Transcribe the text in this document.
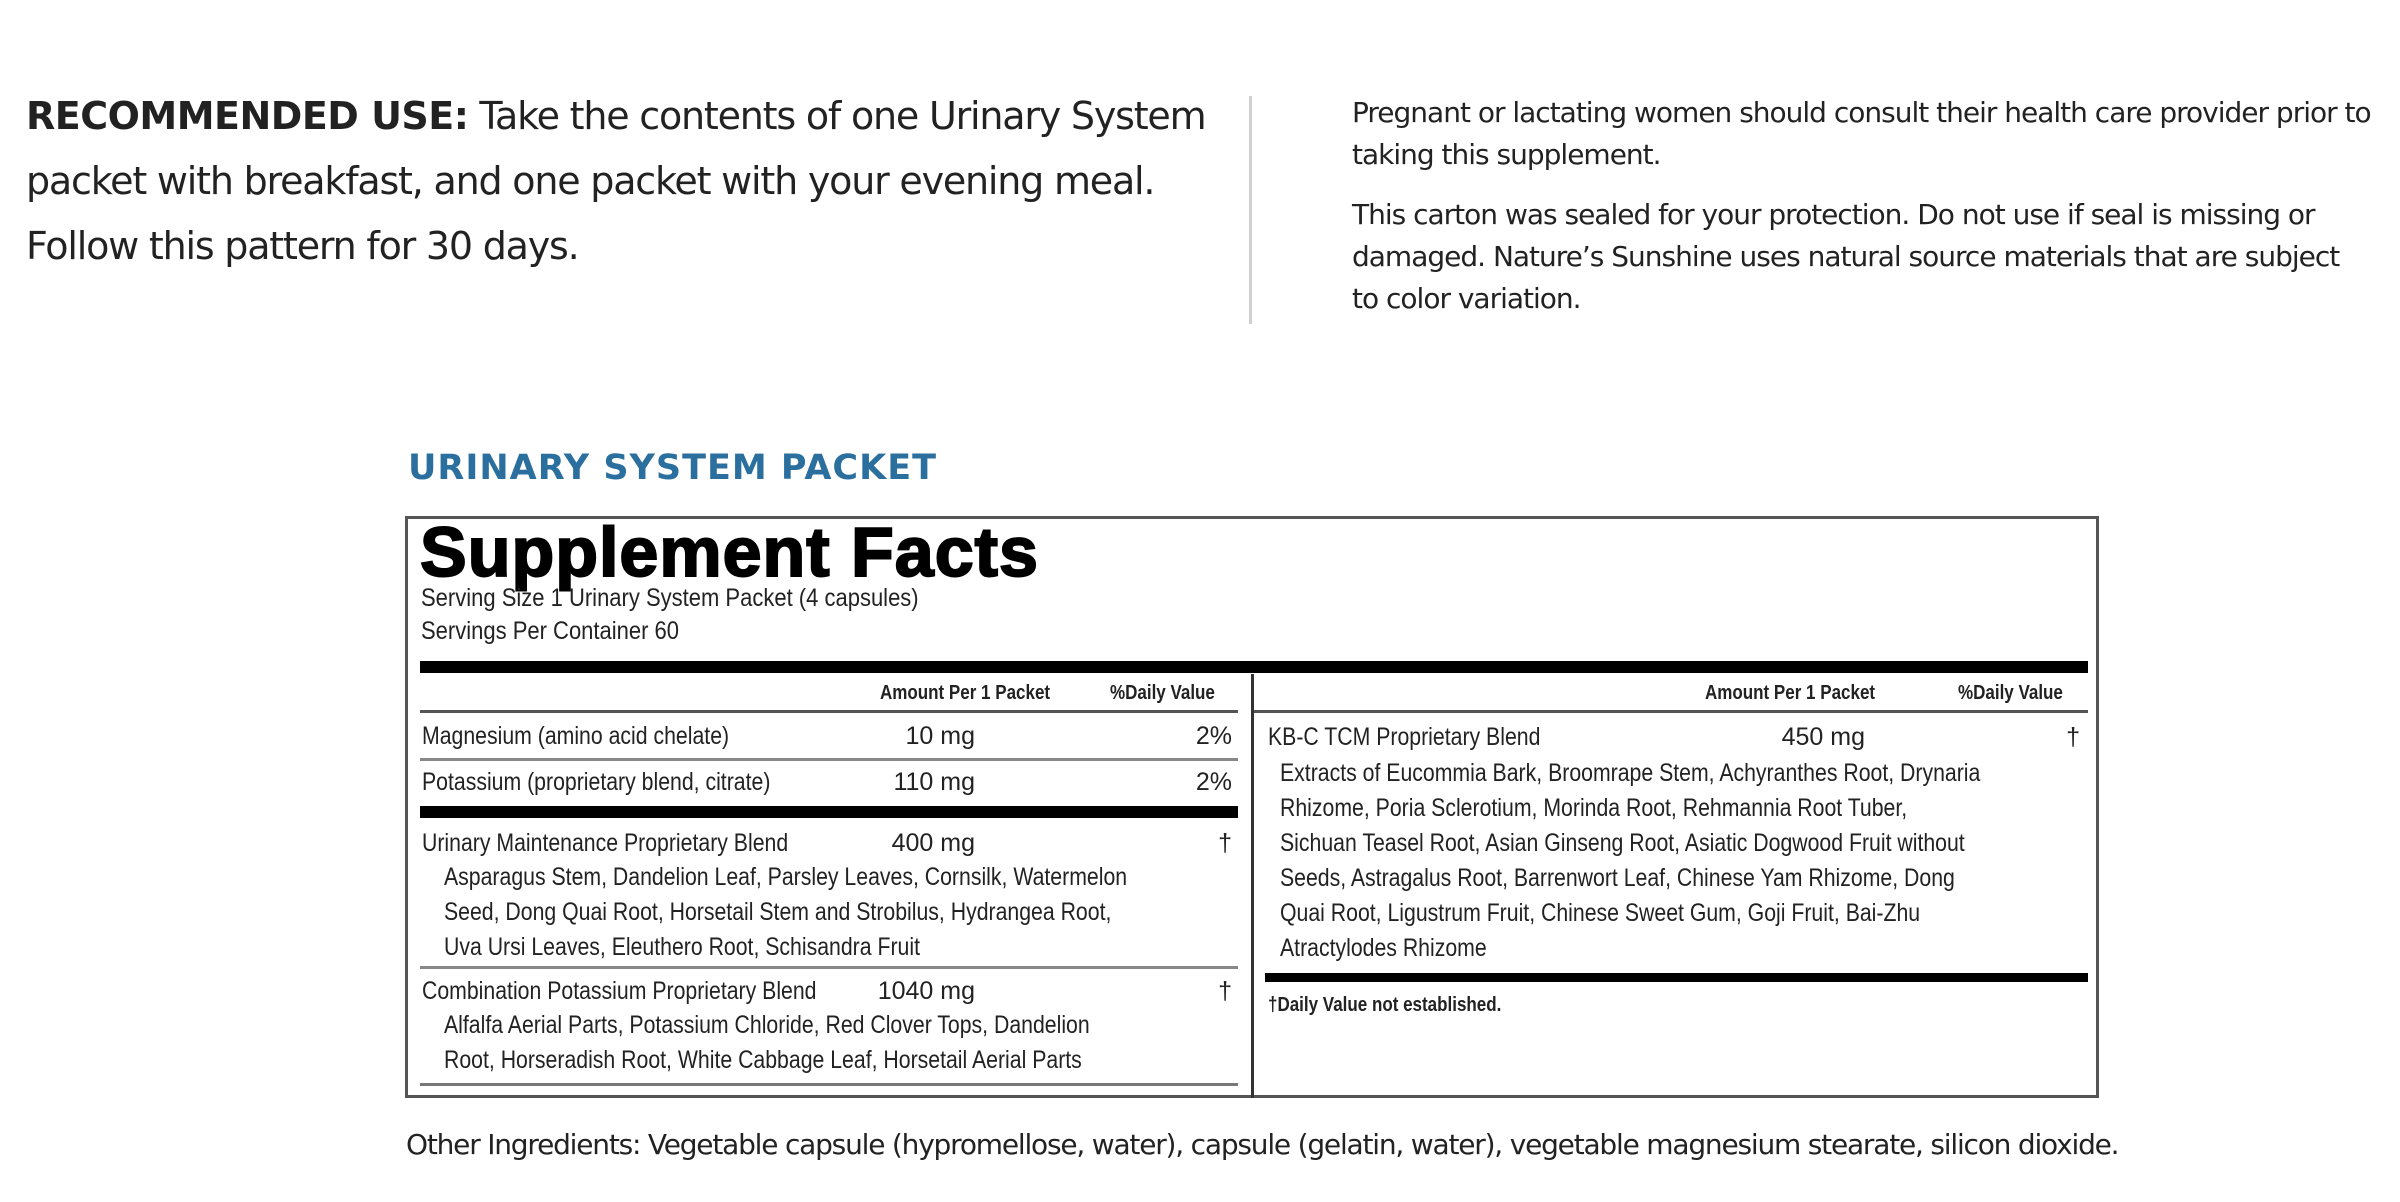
RECOMMENDED USE: Take the contents of one Urinary System packet with breakfast, and one packet with your evening meal. Follow this pattern for 30 days.

Pregnant or lactating women should consult their health care provider prior to taking this supplement.

This carton was sealed for your protection. Do not use if seal is missing or damaged. Nature’s Sunshine uses natural source materials that are subject to color variation.

URINARY SYSTEM PACKET
Supplement Facts
Serving Size 1 Urinary System Packet (4 capsules)
Servings Per Container 60
Amount Per 1 Packet	%Daily Value
Magnesium (amino acid chelate)	10 mg	2%
Potassium (proprietary blend, citrate)	110 mg	2%
Urinary Maintenance Proprietary Blend	400 mg	†
Asparagus Stem, Dandelion Leaf, Parsley Leaves, Cornsilk, Watermelon
Seed, Dong Quai Root, Horsetail Stem and Strobilus, Hydrangea Root,
Uva Ursi Leaves, Eleuthero Root, Schisandra Fruit
Combination Potassium Proprietary Blend	1040 mg	†
Alfalfa Aerial Parts, Potassium Chloride, Red Clover Tops, Dandelion
Root, Horseradish Root, White Cabbage Leaf, Horsetail Aerial Parts
Amount Per 1 Packet	%Daily Value
KB-C TCM Proprietary Blend	450 mg	†
Extracts of Eucommia Bark, Broomrape Stem, Achyranthes Root, Drynaria
Rhizome, Poria Sclerotium, Morinda Root, Rehmannia Root Tuber,
Sichuan Teasel Root, Asian Ginseng Root, Asiatic Dogwood Fruit without
Seeds, Astragalus Root, Barrenwort Leaf, Chinese Yam Rhizome, Dong
Quai Root, Ligustrum Fruit, Chinese Sweet Gum, Goji Fruit, Bai-Zhu
Atractylodes Rhizome
†Daily Value not established.
Other Ingredients: Vegetable capsule (hypromellose, water), capsule (gelatin, water), vegetable magnesium stearate, silicon dioxide.
